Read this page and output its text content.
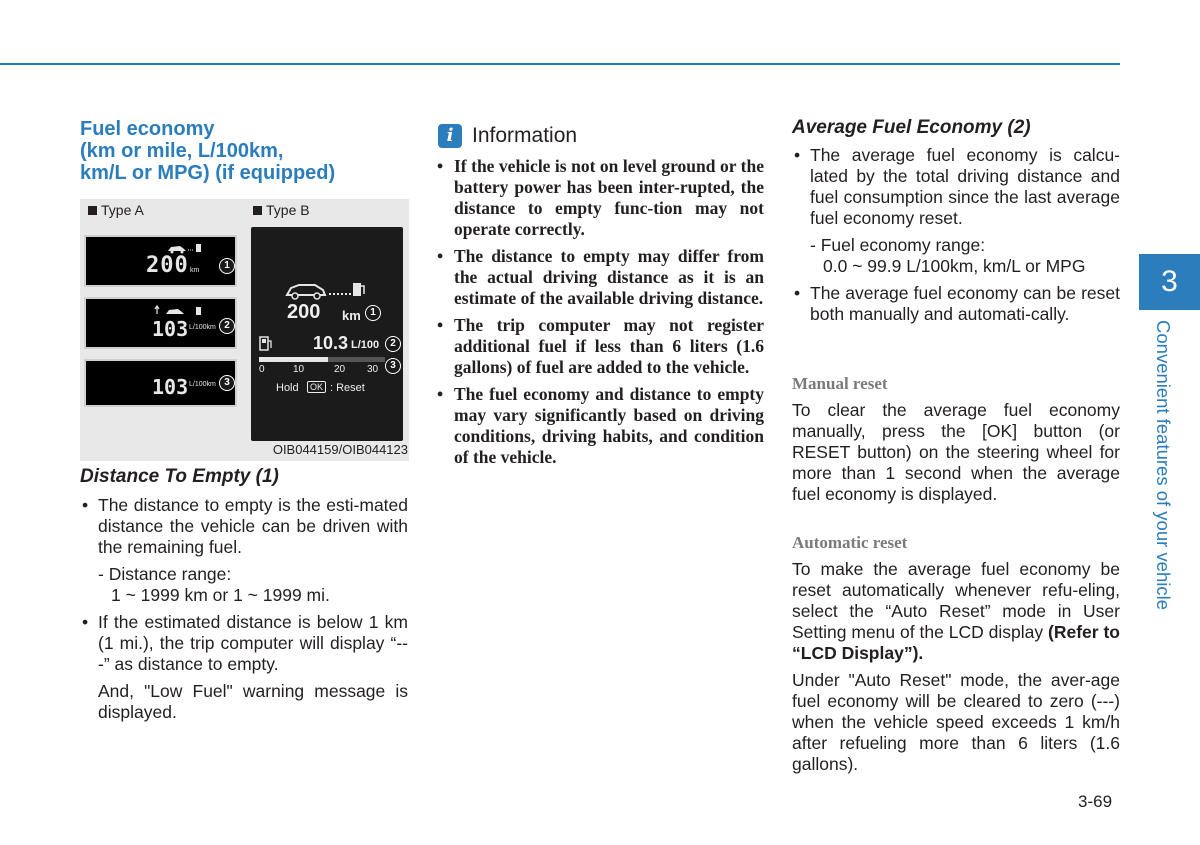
Fuel economy
(km or mile, L/100km,
km/L or MPG) (if equipped)
Type A	Type B
200 km	1
103 L/100km 2
103 L/100km 3
200 km 1
10.3 L/100	2
3
0	10	20 30
Hold	OK : Reset
OIB044159/OIB044123
Distance To Empty (1)
• The distance to empty is the esti-mated distance the vehicle can be driven with the remaining fuel.
- Distance range:
1 ~ 1999 km or 1 ~ 1999 mi.
• If the estimated distance is below 1 km (1 mi.), the trip computer will display “---” as distance to empty.
And, "Low Fuel" warning message is displayed.
i Information
• If the vehicle is not on level ground or the battery power has been inter-rupted, the distance to empty func-tion may not operate correctly.
• The distance to empty may differ from the actual driving distance as it is an estimate of the available driving distance.
• The trip computer may not register additional fuel if less than 6 liters (1.6 gallons) of fuel are added to the vehicle.
• The fuel economy and distance to empty may vary significantly based on driving conditions, driving habits, and condition of the vehicle.
Average Fuel Economy (2)
• The average fuel economy is calcu-lated by the total driving distance and fuel consumption since the last average fuel economy reset.
- Fuel economy range:
0.0 ~ 99.9 L/100km, km/L or MPG
• The average fuel economy can be reset both manually and automati-cally.
Manual reset
To clear the average fuel economy manually, press the [OK] button (or RESET button) on the steering wheel for more than 1 second when the average fuel economy is displayed.
Automatic reset
To make the average fuel economy be reset automatically whenever refu-eling, select the “Auto Reset” mode in User Setting menu of the LCD display (Refer to “LCD Display”).
Under "Auto Reset" mode, the aver-age fuel economy will be cleared to zero (---) when the vehicle speed exceeds 1 km/h after refueling more than 6 liters (1.6 gallons).
3
Convenient features of your vehicle
3-69
